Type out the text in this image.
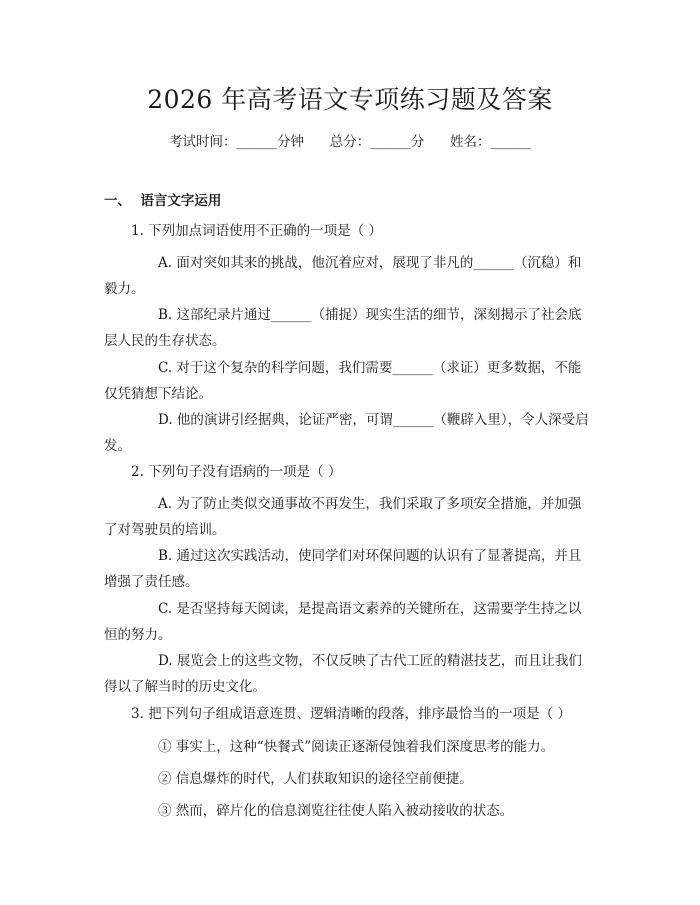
2026 年高考语文专项练习题及答案
考试时间：______分钟      总分：______分      姓名：______
一、  语言文字运用
1. 下列加点词语使用不正确的一项是（ ）
A. 面对突如其来的挑战，他沉着应对，展现了非凡的______（沉稳）和毅力。
B. 这部纪录片通过______（捕捉）现实生活的细节，深刻揭示了社会底层人民的生存状态。
C. 对于这个复杂的科学问题，我们需要______（求证）更多数据，不能仅凭猜想下结论。
D. 他的演讲引经据典，论证严密，可谓______（鞭辟入里），令人深受启发。
2. 下列句子没有语病的一项是（ ）
A. 为了防止类似交通事故不再发生，我们采取了多项安全措施，并加强了对驾驶员的培训。
B. 通过这次实践活动，使同学们对环保问题的认识有了显著提高，并且增强了责任感。
C. 是否坚持每天阅读，是提高语文素养的关键所在，这需要学生持之以恒的努力。
D. 展览会上的这些文物，不仅反映了古代工匠的精湛技艺，而且让我们得以了解当时的历史文化。
3. 把下列句子组成语意连贯、逻辑清晰的段落，排序最恰当的一项是（ ）
① 事实上，这种“快餐式”阅读正逐渐侵蚀着我们深度思考的能力。
② 信息爆炸的时代，人们获取知识的途径空前便捷。
③ 然而，碎片化的信息浏览往往使人陷入被动接收的状态。
